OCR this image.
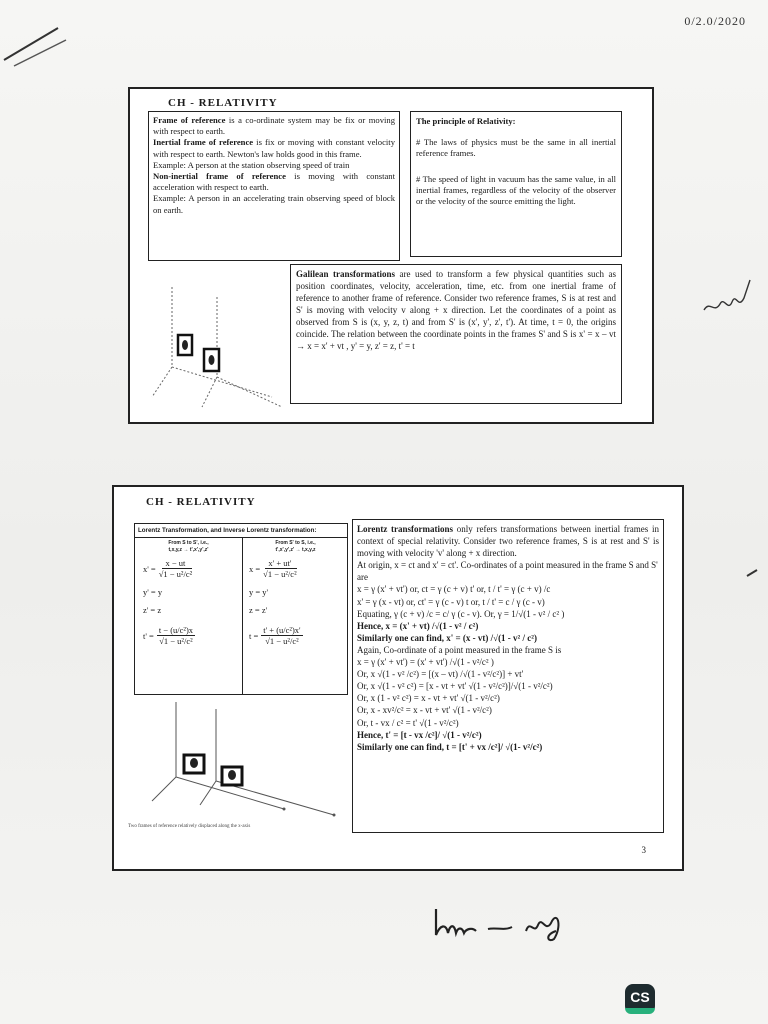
0/2.0/2020
CH - RELATIVITY

Frame of reference is a co-ordinate system may be fix or moving with respect to earth.

Inertial frame of reference is fix or moving with constant velocity with respect to earth. Newton's law holds good in this frame.

Example: A person at the station observing speed of train

Non-inertial frame of reference is moving with constant acceleration with respect to earth.

Example: A person in an accelerating train observing speed of block on earth.

The principle of Relativity:

# The laws of physics must be the same in all inertial reference frames.

# The speed of light in vacuum has the same value, in all inertial frames, regardless of the velocity of the observer or the velocity of the source emitting the light.

Galilean transformations are used to transform a few physical quantities such as position coordinates, velocity, acceleration, time, etc. from one inertial frame of reference to another frame of reference. Consider two reference frames, S is at rest and S' is moving with velocity v along + x direction. Let the coordinates of a point as observed from S is (x, y, z, t) and from S' is (x', y', z', t'). At time, t = 0, the origins coincide. The relation between the coordinate points in the frames S' and S is x' = x – vt → x = x' + vt , y' = y, z' = z, t' = t

CH - RELATIVITY
Lorentz Transformation, and Inverse Lorentz transformation:
From S to S', i.e.,
t,x,y,z → t',x',y',z'
From S' to S, i.e.,
t',x',y',z' → t,x,y,z
$x' = \frac{x - ut}{\text{√1 − u²/c²}}$
y' = y
z' = z
$t' = \frac{\text{t − (u/c²)x}}{\text{√1 − u²/c²}}$
$x = \frac{x' + ut'}{\text{√1 − u²/c²}}$
y = y'
z = z'
$t = \frac{\text{t' + (u/c²)x'}}{\text{√1 − u²/c²}}$
Two frames of reference relatively displaced along the x-axis

Lorentz transformations only refers transformations between inertial frames in context of special relativity. Consider two reference frames, S is at rest and S' is moving with velocity 'v' along + x direction.

At origin, x = ct and x' = ct'. Co-ordinates of a point measured in the frame S and S' are

x = γ (x' + vt') or, ct = γ (c + v) t' or, t / t' = γ (c + v) /c

x' = γ (x - vt) or, ct' = γ (c - v) t or, t / t' = c / γ (c - v)

Equating, γ (c + v) /c = c/ γ (c - v). Or, γ = 1/√(1 - v² / c² )

Hence, x = (x' + vt) /√(1 - v² / c²)

Similarly one can find, x' = (x - vt) /√(1 - v² / c²)

Again, Co-ordinate of a point measured in the frame S is

x = γ (x' + vt') = (x' + vt') /√(1 - v²/c² )

Or, x √(1 - v² /c²) = [(x – vt) /√(1 - v²/c²)] + vt'

Or, x √(1 - v² c²) = [x - vt + vt' √(1 - v²/c²)]/√(1 - v²/c²)

Or, x (1 - v² c²) = x - vt + vt' √(1 - v²/c²)

Or, x - xv²/c² = x - vt + vt' √(1 - v²/c²)

Or, t - vx / c² = t' √(1 - v²/c²)

Hence, t' = [t - vx /c²]/ √(1 - v²/c²)

Similarly one can find, t = [t' + vx /c²]/ √(1- v²/c²)

3
CS
